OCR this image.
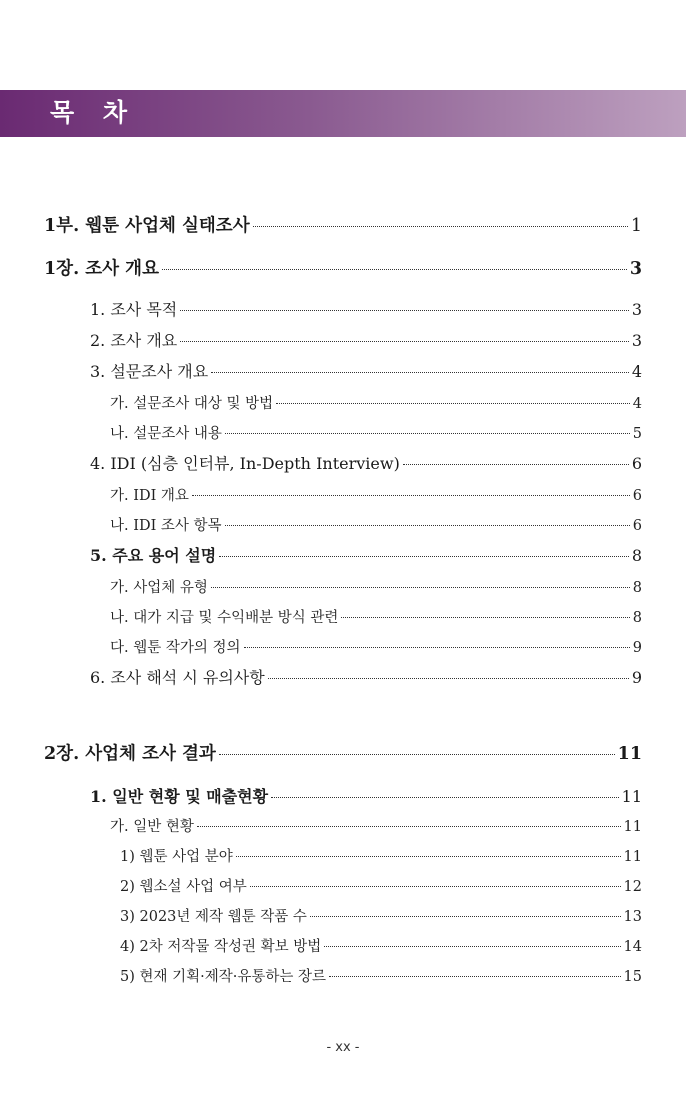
목 차
1부. 웹툰 사업체 실태조사	1
1장. 조사 개요	3
1. 조사 목적	3
2. 조사 개요	3
3. 설문조사 개요	4
가. 설문조사 대상 및 방법	4
나. 설문조사 내용	5
4. IDI (심층 인터뷰, In-Depth Interview)	6
가. IDI 개요	6
나. IDI 조사 항목	6
5. 주요 용어 설명	8
가. 사업체 유형	8
나. 대가 지급 및 수익배분 방식 관련	8
다. 웹툰 작가의 정의	9
6. 조사 해석 시 유의사항	9
2장. 사업체 조사 결과	11
1. 일반 현황 및 매출현황	11
가. 일반 현황	11
1) 웹툰 사업 분야	11
2) 웹소설 사업 여부	12
3) 2023년 제작 웹툰 작품 수	13
4) 2차 저작물 작성권 확보 방법	14
5) 현재 기획·제작·유통하는 장르	15
- xx -
